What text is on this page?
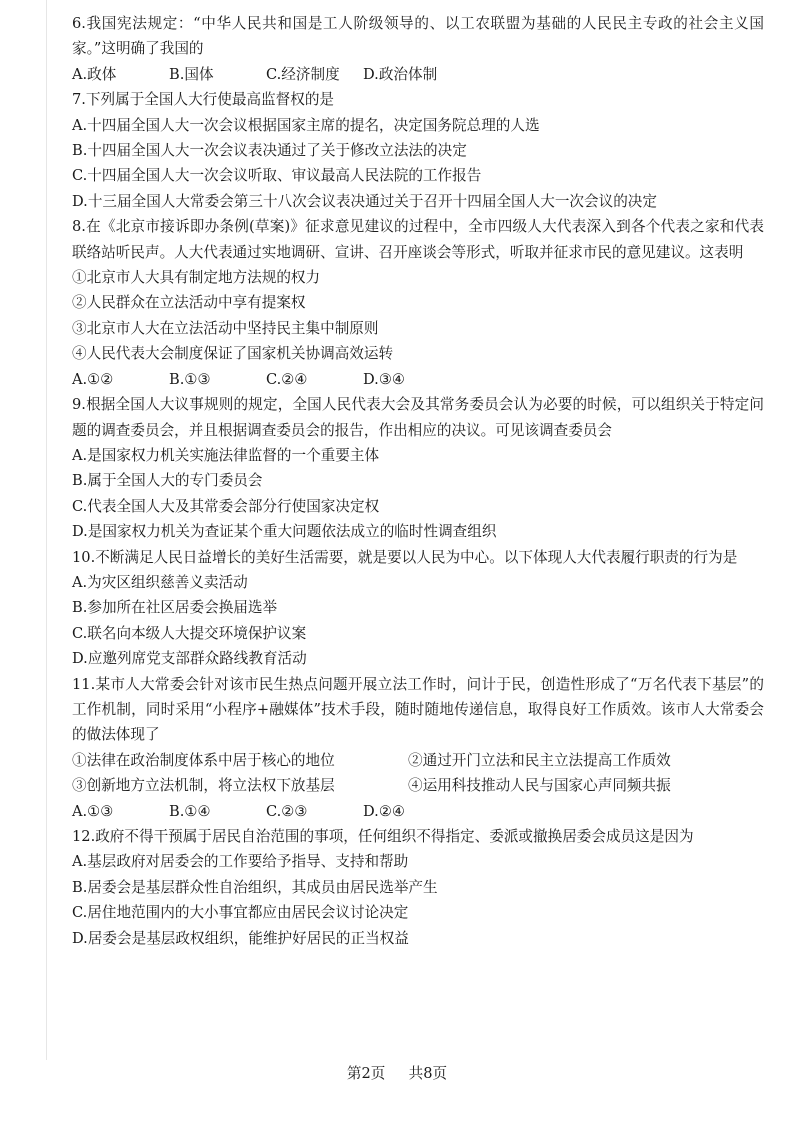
6.我国宪法规定：“中华人民共和国是工人阶级领导的、以工农联盟为基础的人民民主专政的社会主义国家。”这明确了我国的
A.政体	B.国体	C.经济制度 D.政治体制
7.下列属于全国人大行使最高监督权的是
A.十四届全国人大一次会议根据国家主席的提名，决定国务院总理的人选
B.十四届全国人大一次会议表决通过了关于修改立法法的决定
C.十四届全国人大一次会议听取、审议最高人民法院的工作报告
D.十三届全国人大常委会第三十八次会议表决通过关于召开十四届全国人大一次会议的决定
8.在《北京市接诉即办条例(草案)》征求意见建议的过程中，全市四级人大代表深入到各个代表之家和代表联络站听民声。人大代表通过实地调研、宣讲、召开座谈会等形式，听取并征求市民的意见建议。这表明
①北京市人大具有制定地方法规的权力
②人民群众在立法活动中享有提案权
③北京市人大在立法活动中坚持民主集中制原则
④人民代表大会制度保证了国家机关协调高效运转
A.①②	B.①③	C.②④	D.③④
9.根据全国人大议事规则的规定，全国人民代表大会及其常务委员会认为必要的时候，可以组织关于特定问题的调查委员会，并且根据调查委员会的报告，作出相应的决议。可见该调查委员会
A.是国家权力机关实施法律监督的一个重要主体
B.属于全国人大的专门委员会
C.代表全国人大及其常委会部分行使国家决定权
D.是国家权力机关为查证某个重大问题依法成立的临时性调查组织
10.不断满足人民日益增长的美好生活需要，就是要以人民为中心。以下体现人大代表履行职责的行为是
A.为灾区组织慈善义卖活动
B.参加所在社区居委会换届选举
C.联名向本级人大提交环境保护议案
D.应邀列席党支部群众路线教育活动
11.某市人大常委会针对该市民生热点问题开展立法工作时，问计于民，创造性形成了“万名代表下基层”的工作机制，同时采用“小程序+融媒体”技术手段，随时随地传递信息，取得良好工作质效。该市人大常委会的做法体现了
①法律在政治制度体系中居于核心的地位	②通过开门立法和民主立法提高工作质效
③创新地方立法机制，将立法权下放基层	④运用科技推动人民与国家心声同频共振
A.①③	B.①④	C.②③	D.②④
12.政府不得干预属于居民自治范围的事项，任何组织不得指定、委派或撤换居委会成员这是因为
A.基层政府对居委会的工作要给予指导、支持和帮助
B.居委会是基层群众性自治组织，其成员由居民选举产生
C.居住地范围内的大小事宜都应由居民会议讨论决定
D.居委会是基层政权组织，能维护好居民的正当权益
第2页 共8页
